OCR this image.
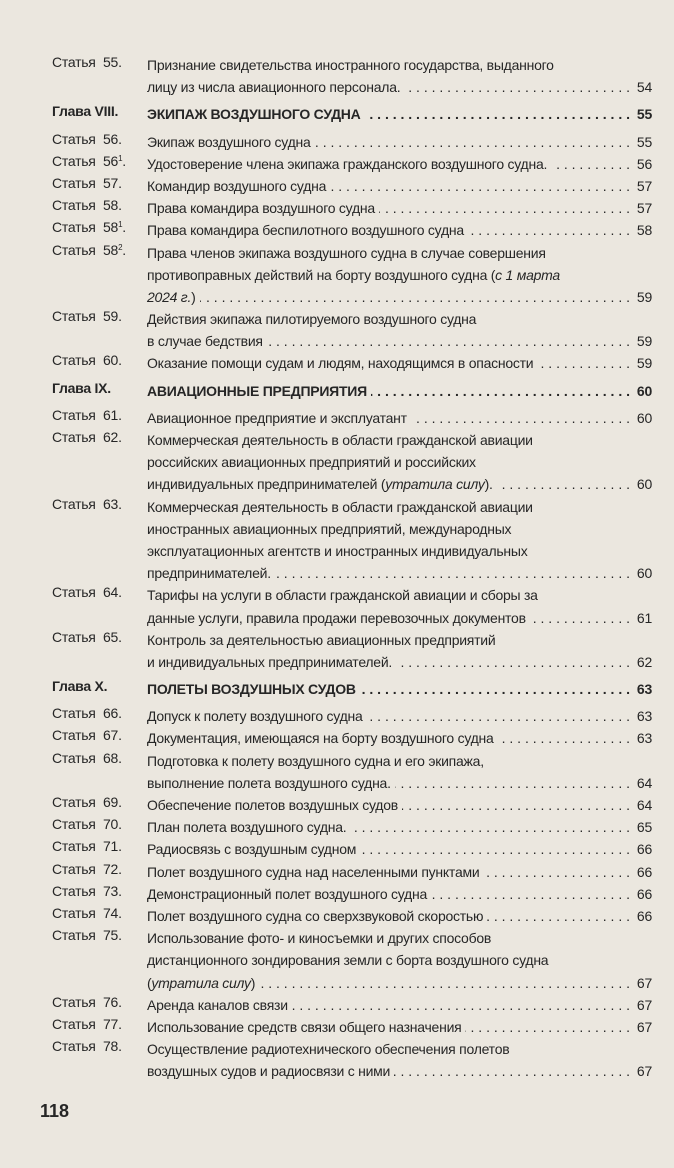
Статья 55. Признание свидетельства иностранного государства, выданного
лицу из числа авиационного персонала. . . .	54
Глава VIII. ЭКИПАЖ ВОЗДУШНОГО СУДНА . . .	55
Статья 56. Экипаж воздушного судна . . .	55
Статья $56^1$ . Удостоверение члена экипажа гражданского воздушного судна. . . .	56
Статья 57. Командир воздушного судна . . .	57
Статья 58. Права командира воздушного судна . . .	57
Статья $58^1$ . Права командира беспилотного воздушного судна . . .	58
Статья $58^2$ . Права членов экипажа воздушного судна в случае совершения
противоправных действий на борту воздушного судна (с 1 марта
2024 г.) . . .	59
Статья 59. Действия экипажа пилотируемого воздушного судна
в случае бедствия . . .	59
Статья 60. Оказание помощи судам и людям, находящимся в опасности . . .	59
Глава IX.	АВИАЦИОННЫЕ ПРЕДПРИЯТИЯ . . .	60
Статья 61. Авиационное предприятие и эксплуатант . . .	60
Статья 62. Коммерческая деятельность в области гражданской авиации
российских авиационных предприятий и российских
индивидуальных предпринимателей (утратила силу). . . .	60
Статья 63. Коммерческая деятельность в области гражданской авиации
иностранных авиационных предприятий, международных
эксплуатационных агентств и иностранных индивидуальных
предпринимателей. . . .	60
Статья 64. Тарифы на услуги в области гражданской авиации и сборы за
данные услуги, правила продажи перевозочных документов . . .	61
Статья 65. Контроль за деятельностью авиационных предприятий
и индивидуальных предпринимателей. . . .	62
Глава X.	ПОЛЕТЫ ВОЗДУШНЫХ СУДОВ . . .	63
Статья 66. Допуск к полету воздушного судна . . .	63
Статья 67. Документация, имеющаяся на борту воздушного судна . . .	63
Статья 68. Подготовка к полету воздушного судна и его экипажа,
выполнение полета воздушного судна. . . .	64
Статья 69. Обеспечение полетов воздушных судов . . .	64
Статья 70. План полета воздушного судна. . . .	65
Статья 71. Радиосвязь с воздушным судном . . .	66
Статья 72. Полет воздушного судна над населенными пунктами . . .	66
Статья 73. Демонстрационный полет воздушного судна . . .	66
Статья 74. Полет воздушного судна со сверхзвуковой скоростью . . .	66
Статья 75. Использование фото- и киносъемки и других способов
дистанционного зондирования земли с борта воздушного судна
(утратила силу) . . .	67
Статья 76. Аренда каналов связи . . .	67
Статья 77. Использование средств связи общего назначения . . .	67
Статья 78. Осуществление радиотехнического обеспечения полетов
воздушных судов и радиосвязи с ними . . .	67
118
